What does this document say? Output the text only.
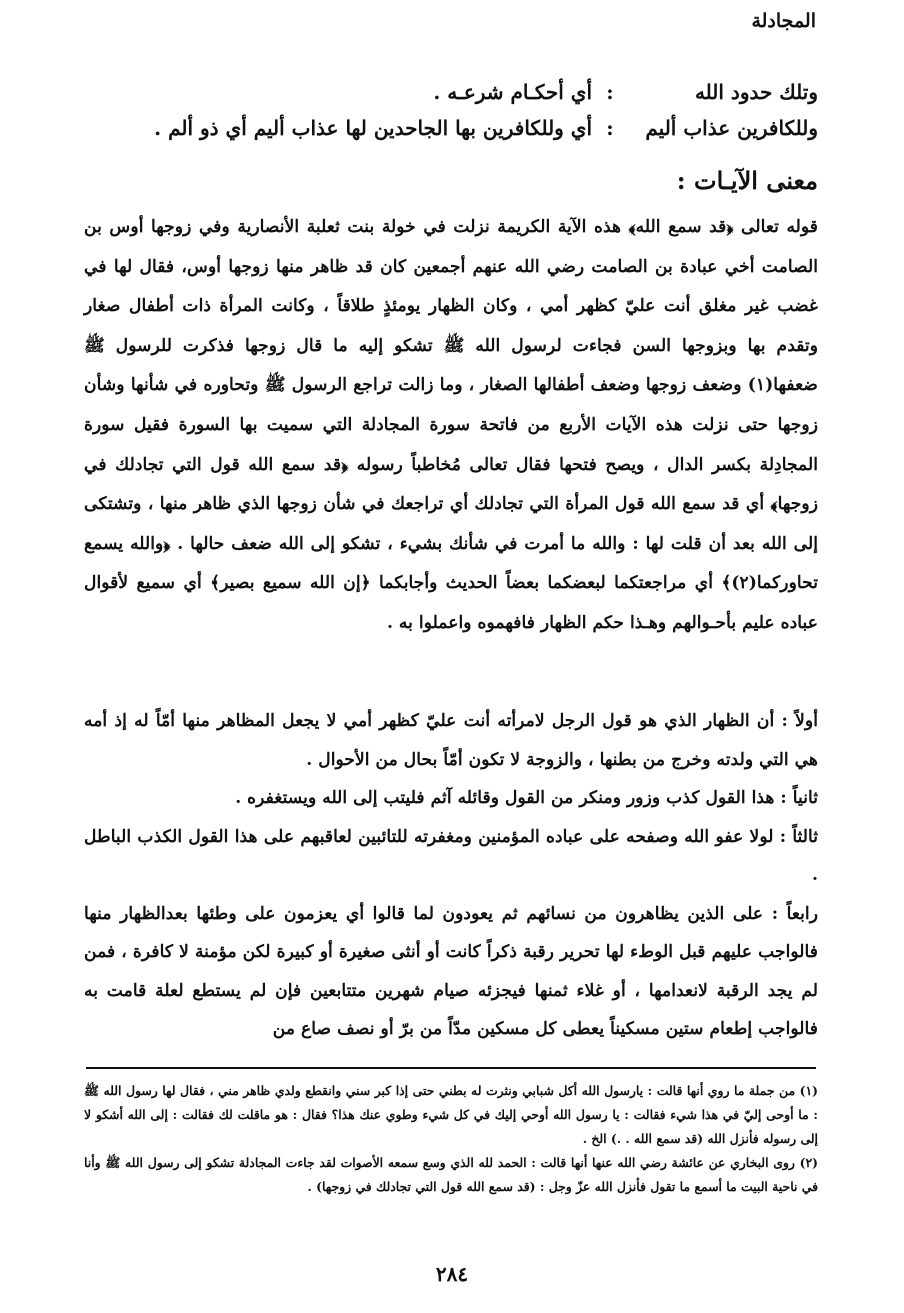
المجادلة
وتلك حدود الله
:
أي أحكـام شرعـه .
وللكافرين عذاب أليم
:
أي وللكافرين بها الجاحدين لها عذاب أليم أي ذو ألم .
معنى الآيـات :

قوله تعالى ﴿قد سمع الله﴾ هذه الآية الكريمة نزلت في خولة بنت ثعلبة الأنصارية وفي زوجها أوس بن الصامت أخي عبادة بن الصامت رضي الله عنهم أجمعين كان قد ظاهر منها زوجها أوس، فقال لها في غضب غير مغلق أنت عليّ كظهر أمي ، وكان الظهار يومئذٍ طلاقاً ، وكانت المرأة ذات أطفال صغار وتقدم بها وبزوجها السن فجاءت لرسول الله ﷺ تشكو إليه ما قال زوجها فذكرت للرسول ﷺ ضعفها(١) وضعف زوجها وضعف أطفالها الصغار ، وما زالت تراجع الرسول ﷺ وتحاوره في شأنها وشأن زوجها حتى نزلت هذه الآيات الأربع من فاتحة سورة المجادلة التي سميت بها السورة فقيل سورة المجادِلة بكسر الدال ، ويصح فتحها فقال تعالى مُخاطباً رسوله ﴿قد سمع الله قول التي تجادلك في زوجها﴾ أي قد سمع الله قول المرأة التي تجادلك أي تراجعك في شأن زوجها الذي ظاهر منها ، وتشتكى إلى الله بعد أن قلت لها : والله ما أمرت في شأنك بشيء ، تشكو إلى الله ضعف حالها . ﴿والله يسمع تحاوركما(٢)﴾ أي مراجعتكما لبعضكما بعضاً الحديث وأجابكما ﴿إن الله سميع بصير﴾ أي سميع لأقوال عباده عليم بأحـوالهم وهـذا حكم الظهار فافهموه واعملوا به .

أولاً : أن الظهار الذي هو قول الرجل لامرأته أنت عليّ كظهر أمي لا يجعل المظاهر منها أمّاً له إذ أمه هي التي ولدته وخرج من بطنها ، والزوجة لا تكون أمّاً بحال من الأحوال .

ثانياً : هذا القول كذب وزور ومنكر من القول وقائله آثم فليتب إلى الله ويستغفره .

ثالثاً : لولا عفو الله وصفحه على عباده المؤمنين ومغفرته للتائبين لعاقبهم على هذا القول الكذب الباطل .

رابعاً : على الذين يظاهرون من نسائهم ثم يعودون لما قالوا أي يعزمون على وطئها بعدالظهار منها فالواجب عليهم قبل الوطء لها تحرير رقبة ذكراً كانت أو أنثى صغيرة أو كبيرة لكن مؤمنة لا كافرة ، فمن لم يجد الرقبة لانعدامها ، أو غلاء ثمنها فيجزئه صيام شهرين متتابعين فإن لم يستطع لعلة قامت به فالواجب إطعام ستين مسكيناً يعطى كل مسكين مدّاً من برّ أو نصف صاع من

(١) من جملة ما روي أنها قالت : يارسول الله أكل شبابي ونثرت له بطني حتى إذا كبر سني وانقطع ولدي ظاهر مني ، فقال لها رسول الله ﷺ : ما أوحى إليّ في هذا شيء فقالت : يا رسول الله أوحي إليك في كل شيء وطوي عنك هذا؟ فقال : هو ماقلت لك فقالت : إلى الله أشكو لا إلى رسوله فأنزل الله (قد سمع الله . .) الخ .

(٢) روى البخاري عن عائشة رضي الله عنها أنها قالت : الحمد لله الذي وسع سمعه الأصوات لقد جاءت المجادلة تشكو إلى رسول الله ﷺ وأنا في ناحية البيت ما أسمع ما تقول فأنزل الله عزّ وجل : (قد سمع الله قول التي تجادلك في زوجها) .

٢٨٤
